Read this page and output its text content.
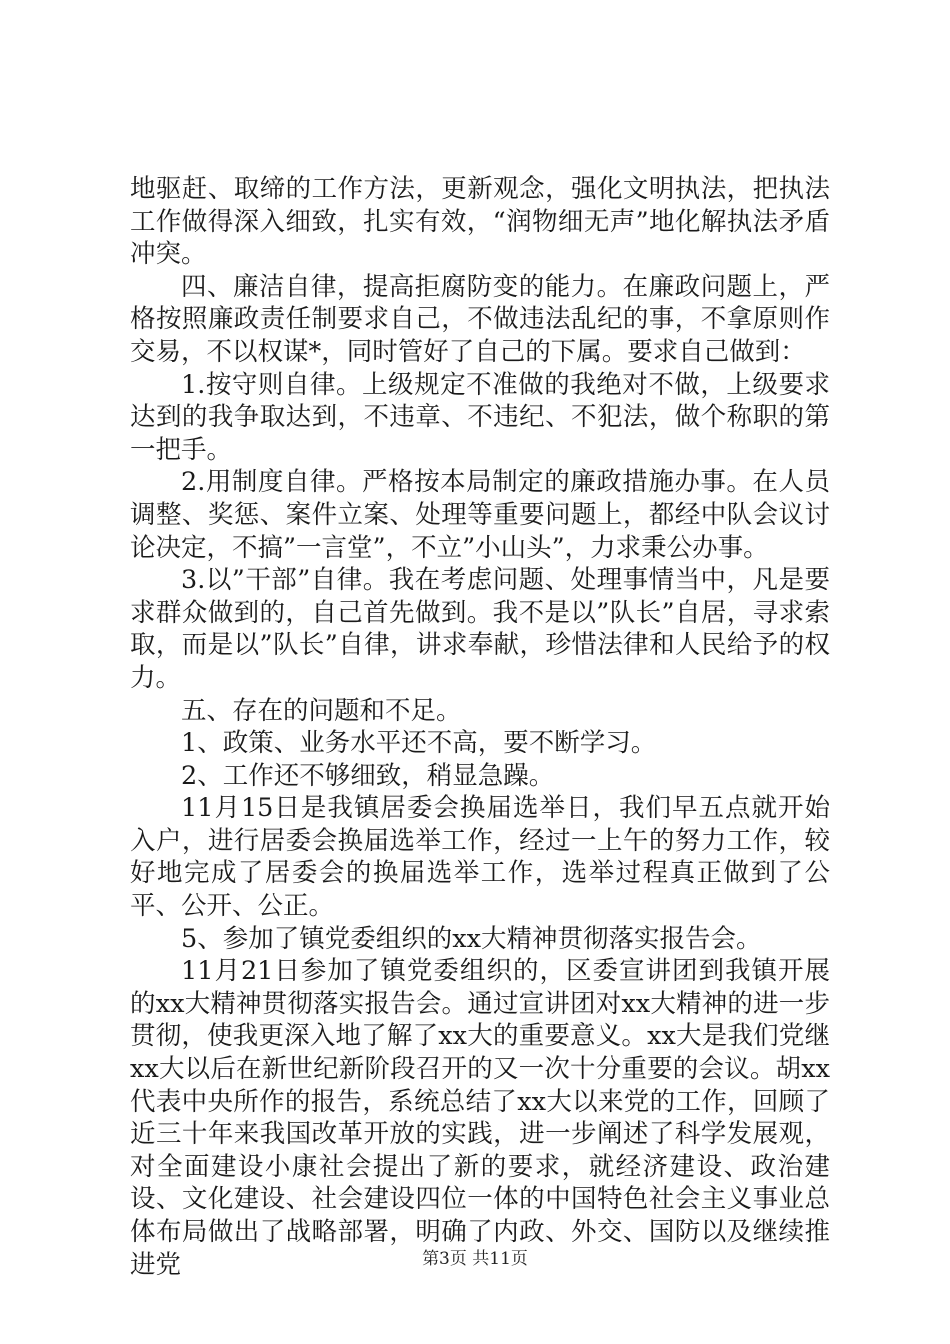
地驱赶、取缔的工作方法，更新观念，强化文明执法，把执法工作做得深入细致，扎实有效，“润物细无声”地化解执法矛盾冲突。

四、廉洁自律，提高拒腐防变的能力。在廉政问题上，严格按照廉政责任制要求自己，不做违法乱纪的事，不拿原则作交易，不以权谋*，同时管好了自己的下属。要求自己做到：

1.按守则自律。上级规定不准做的我绝对不做，上级要求达到的我争取达到，不违章、不违纪、不犯法，做个称职的第一把手。

2.用制度自律。严格按本局制定的廉政措施办事。在人员调整、奖惩、案件立案、处理等重要问题上，都经中队会议讨论决定，不搞”一言堂”，不立”小山头”，力求秉公办事。

3.以”干部”自律。我在考虑问题、处理事情当中，凡是要求群众做到的，自己首先做到。我不是以”队长”自居，寻求索取，而是以”队长”自律，讲求奉献，珍惜法律和人民给予的权力。

五、存在的问题和不足。

1、政策、业务水平还不高，要不断学习。

2、工作还不够细致，稍显急躁。

11月15日是我镇居委会换届选举日，我们早五点就开始入户，进行居委会换届选举工作，经过一上午的努力工作，较好地完成了居委会的换届选举工作，选举过程真正做到了公平、公开、公正。

5、参加了镇党委组织的xx大精神贯彻落实报告会。

11月21日参加了镇党委组织的，区委宣讲团到我镇开展的xx大精神贯彻落实报告会。通过宣讲团对xx大精神的进一步贯彻，使我更深入地了解了xx大的重要意义。xx大是我们党继xx大以后在新世纪新阶段召开的又一次十分重要的会议。胡xx代表中央所作的报告，系统总结了xx大以来党的工作，回顾了近三十年来我国改革开放的实践，进一步阐述了科学发展观，对全面建设小康社会提出了新的要求，就经济建设、政治建设、文化建设、社会建设四位一体的中国特色社会主义事业总体布局做出了战略部署，明确了内政、外交、国防以及继续推进党	第3页 共11页
